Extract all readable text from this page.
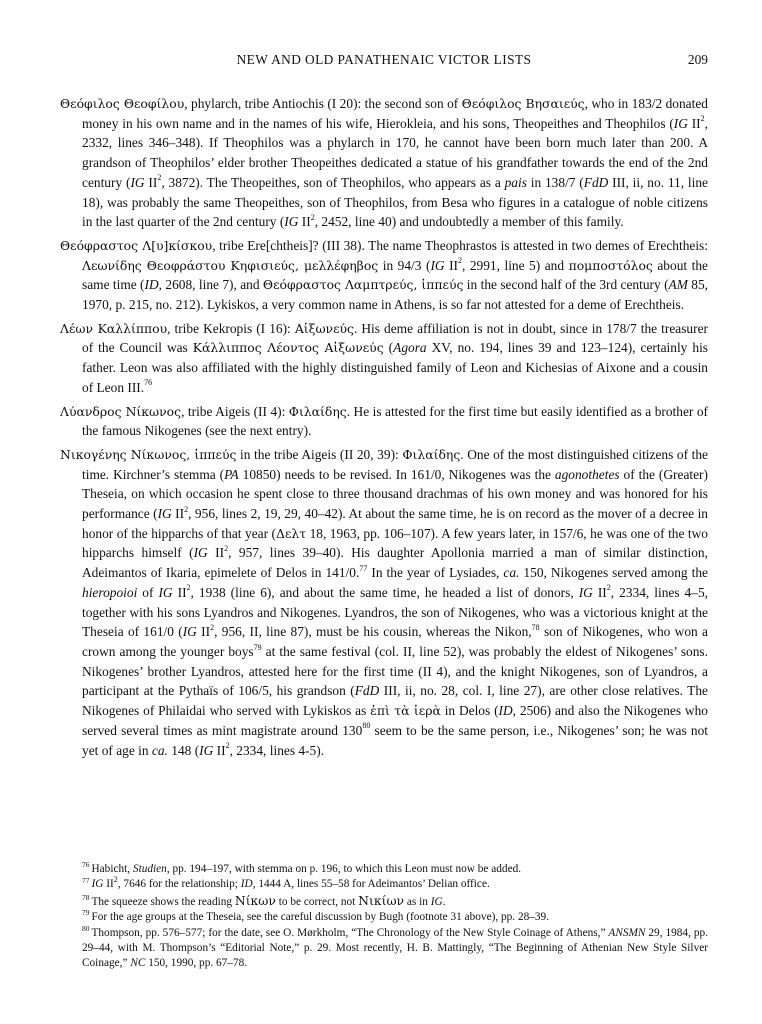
NEW AND OLD PANATHENAIC VICTOR LISTS	209

Θεόφιλος Θεοφίλου, phylarch, tribe Antiochis (I 20): the second son of Θεόφιλος Βησαιεύς, who in 183/2 donated money in his own name and in the names of his wife, Hierokleia, and his sons, Theopeithes and Theophilos (IG $II^2$, 2332, lines 346–348). If Theophilos was a phylarch in 170, he cannot have been born much later than 200. A grandson of Theophilos’ elder brother Theopeithes dedicated a statue of his grandfather towards the end of the 2nd century (IG $II^2$, 3872). The Theopeithes, son of Theophilos, who appears as a pais in 138/7 (FdD III, ii, no. 11, line 18), was probably the same Theopeithes, son of Theophilos, from Besa who figures in a catalogue of noble citizens in the last quarter of the 2nd century (IG $II^2$, 2452, line 40) and undoubtedly a member of this family.

Θεόφραστος Λ[υ]κίσκου, tribe Ere[chtheis]? (III 38). The name Theophrastos is attested in two demes of Erechtheis: Λεωνίδης Θεοφράστου Κηφισιεύς, μελλέφηβος in 94/3 (IG $II^2$, 2991, line 5) and πομποστόλος about the same time (ID, 2608, line 7), and Θεόφραστος Λαμπτρεύς, ἱππεύς in the second half of the 3rd century (AM 85, 1970, p. 215, no. 212). Lykiskos, a very common name in Athens, is so far not attested for a deme of Erechtheis.

Λέων Καλλίππου, tribe Kekropis (I 16): Αἰξωνεύς. His deme affiliation is not in doubt, since in 178/7 the treasurer of the Council was Κάλλιππος Λέοντος Αἰξωνεύς (Agora XV, no. 194, lines 39 and 123–124), certainly his father. Leon was also affiliated with the highly distinguished family of Leon and Kichesias of Aixone and a cousin of Leon III.$^{76}$

Λύανδρος Νίκωνος, tribe Aigeis (II 4): Φιλαίδης. He is attested for the first time but easily identified as a brother of the famous Nikogenes (see the next entry).

Νικογένης Νίκωνος, ἱππεύς in the tribe Aigeis (II 20, 39): Φιλαίδης. One of the most distinguished citizens of the time. Kirchner’s stemma (PA 10850) needs to be revised. In 161/0, Nikogenes was the agonothetes of the (Greater) Theseia, on which occasion he spent close to three thousand drachmas of his own money and was honored for his performance (IG $II^2$, 956, lines 2, 19, 29, 40–42). At about the same time, he is on record as the mover of a decree in honor of the hipparchs of that year (Δελτ 18, 1963, pp. 106–107). A few years later, in 157/6, he was one of the two hipparchs himself (IG $II^2$, 957, lines 39–40). His daughter Apollonia married a man of similar distinction, Adeimantos of Ikaria, epimelete of Delos in 141/0.77 In the year of Lysiades, ca. 150, Nikogenes served among the hieropoioi of IG $II^2$, 1938 (line 6), and about the same time, he headed a list of donors, IG $II^2$, 2334, lines 4–5, together with his sons Lyandros and Nikogenes. Lyandros, the son of Nikogenes, who was a victorious knight at the Theseia of 161/0 (IG $II^2$, 956, II, line 87), must be his cousin, whereas the Nikon,$^{78}$ son of Nikogenes, who won a crown among the younger boys$^{79}$ at the same festival (col. II, line 52), was probably the eldest of Nikogenes’ sons. Nikogenes’ brother Lyandros, attested here for the first time (II 4), and the knight Nikogenes, son of Lyandros, a participant at the Pythaïs of 106/5, his grandson (FdD III, ii, no. 28, col. I, line 27), are other close relatives. The Nikogenes of Philaidai who served with Lykiskos as ἐπὶ τὰ ἱερὰ in Delos (ID, 2506) and also the Nikogenes who served several times as mint magistrate around $130^{80}$ seem to be the same person, i.e., Nikogenes’ son; he was not yet of age in ca. 148 (IG $II^2$, 2334, lines 4-5).

$^{76}$ Habicht, Studien, pp. 194–197, with stemma on p. 196, to which this Leon must now be added.

$^{77}$ IG $II^2$, 7646 for the relationship; ID, 1444 A, lines 55–58 for Adeimantos’ Delian office.

$^{78}$ The squeeze shows the reading Νίκων to be correct, not Νικίων as in IG.

$^{79}$ For the age groups at the Theseia, see the careful discussion by Bugh (footnote 31 above), pp. 28–39.

$^{80}$ Thompson, pp. 576–577; for the date, see O. Mørkholm, “The Chronology of the New Style Coinage of Athens,” ANSMN 29, 1984, pp. 29–44, with M. Thompson’s “Editorial Note,” p. 29. Most recently, H. B. Mattingly, “The Beginning of Athenian New Style Silver Coinage,” NC 150, 1990, pp. 67–78.
